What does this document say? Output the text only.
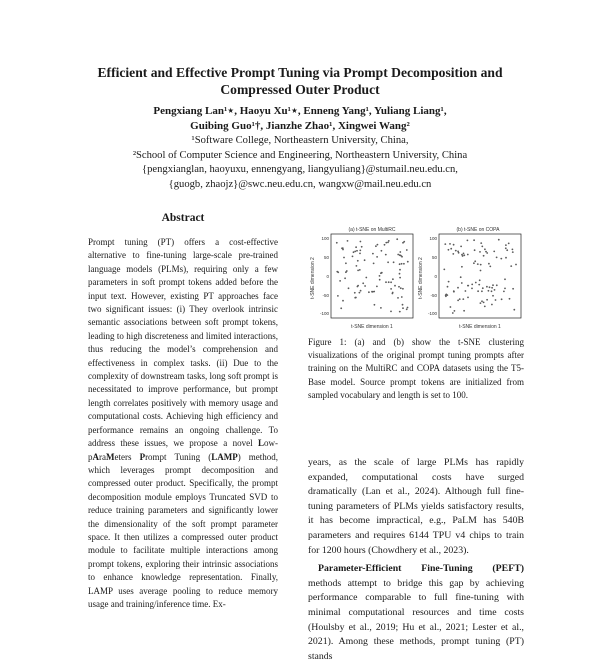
Efficient and Effective Prompt Tuning via Prompt Decomposition and
Compressed Outer Product
Pengxiang Lan¹⋆, Haoyu Xu¹⋆, Enneng Yang¹, Yuliang Liang¹,
Guibing Guo¹†, Jianzhe Zhao¹, Xingwei Wang²
¹Software College, Northeastern University, China,
²School of Computer Science and Engineering, Northeastern University, China
{pengxianglan, haoyuxu, ennengyang, liangyuliang}@stumail.neu.edu.cn,
{guogb, zhaojz}@swc.neu.edu.cn, wangxw@mail.neu.edu.cn
Abstract

Prompt tuning (PT) offers a cost-effective alternative to fine-tuning large-scale pre-trained language models (PLMs), requiring only a few parameters in soft prompt tokens added before the input text. However, existing PT approaches face two significant issues: (i) They overlook intrinsic semantic associations between soft prompt tokens, leading to high discreteness and limited interactions, thus reducing the model’s comprehension and effectiveness in complex tasks. (ii) Due to the complexity of downstream tasks, long soft prompt is necessitated to improve performance, but prompt length correlates positively with memory usage and computational costs. Achieving high efficiency and performance remains an ongoing challenge. To address these issues, we propose a novel Low-pAraMeters Prompt Tuning (LAMP) method, which leverages prompt decomposition and compressed outer product. Specifically, the prompt decomposition module employs Truncated SVD to reduce training parameters and significantly lower the dimensionality of the soft prompt parameter space. It then utilizes a compressed outer product module to facilitate multiple interactions among prompt tokens, exploring their intrinsic associations to enhance knowledge representation. Finally, LAMP uses average pooling to reduce memory usage and training/inference time. Ex-

(a) t-SNE on MultiRC
t-SNE dimension 2
100
50
0
-50
-100
t-SNE dimension 1
(b) t-SNE on COPA
t-SNE dimension 2
100
50
0
-50
-100
t-SNE dimension 1
Figure 1: (a) and (b) show the t-SNE clustering visualizations of the original prompt tuning prompts after training on the MultiRC and COPA datasets using the T5-Base model. Source prompt tokens are initialized from sampled vocabulary and length is set to 100.

years, as the scale of large PLMs has rapidly expanded, computational costs have surged dramatically (Lan et al., 2024). Although full fine-tuning parameters of PLMs yields satisfactory results, it has become impractical, e.g., PaLM has 540B parameters and requires 6144 TPU v4 chips to train for 1200 hours (Chowdhery et al., 2023).

Parameter-Efficient Fine-Tuning (PEFT) methods attempt to bridge this gap by achieving performance comparable to full fine-tuning with minimal computational resources and time costs (Houlsby et al., 2019; Hu et al., 2021; Lester et al., 2021). Among these methods, prompt tuning (PT) stands
